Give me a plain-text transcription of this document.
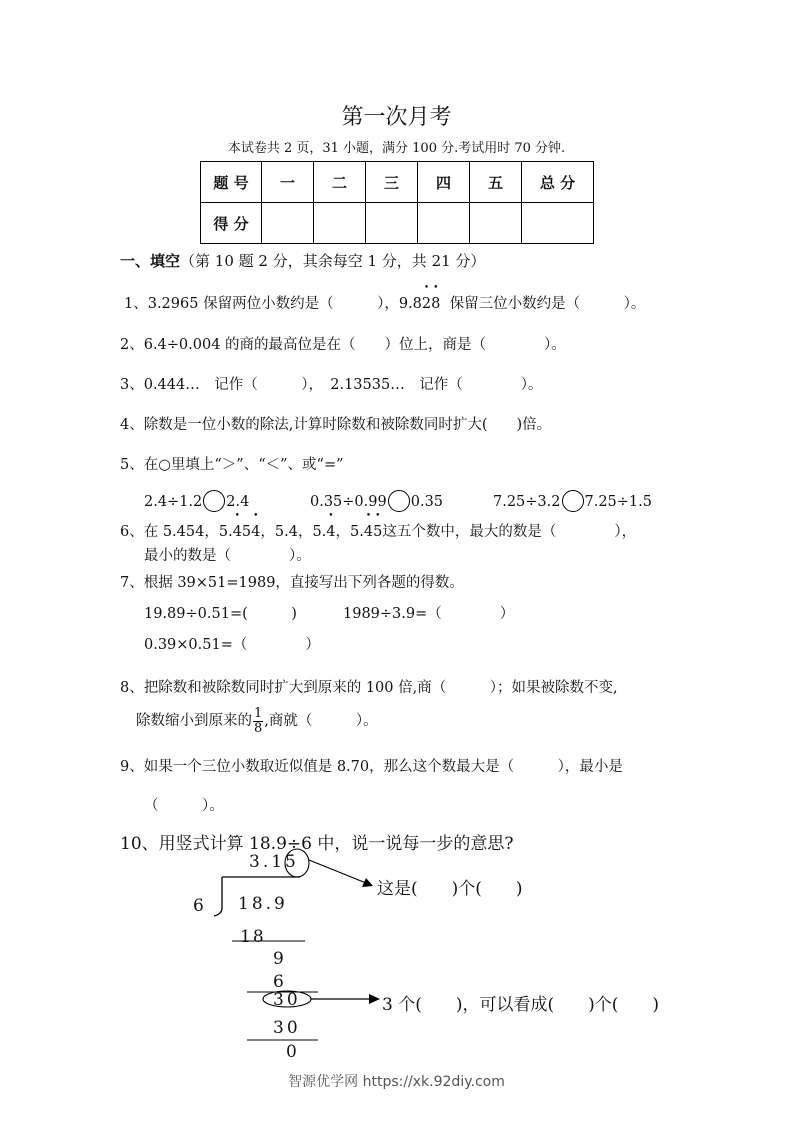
第一次月考
本试卷共 2 页，31 小题，满分 100 分.考试用时 70 分钟.
题 号	一	二	三	四	五	总 分
得 分						
一、填空（第 10 题 2 分，其余每空 1 分，共 21 分）
1、3.2965 保留两位小数约是（　　　），9.8• 2• 8 保留三位小数约是（　　　）。
2、6.4÷0.004 的商的最高位是在（　　）位上，商是（　　　　）。
3、0.444…　记作（　　　），　2.13535…　记作（　　　　）。
4、除数是一位小数的除法,计算时除数和被除数同时扩大(　　)倍。
5、在○里填上“＞”、“＜”、或“=”
2.4÷1.2 2.4	0.35÷0.99 0.35	7.25÷3.2 7.25÷1.5
6、在 5.454，5.• 45• 4，5.4，5.• 4，5.• 4• 5这五个数中，最大的数是（　　　　），
最小的数是（　　　　）。
7、根据 39×51=1989，直接写出下列各题的得数。
19.89÷0.51=(　　　)	1989÷3.9=（　　　　）
0.39×0.51=（　　　　）
8、把除数和被除数同时扩大到原来的 100 倍,商（　　　）；如果被除数不变,
除数缩小到原来的 $\frac{1}{8}$ ,商就（　　　）。
9、如果一个三位小数取近似值是 8.70，那么这个数最大是（　　　），最小是
（　　　）。
10、用竖式计算 18.9÷6 中，说一说每一步的意思?
3.15
6 18.9
18
9
6
30
30
0
这是(　　)个(　　)
3 个(　　)，可以看成(　　)个(　　)
智源优学网 https://xk.92diy.com
